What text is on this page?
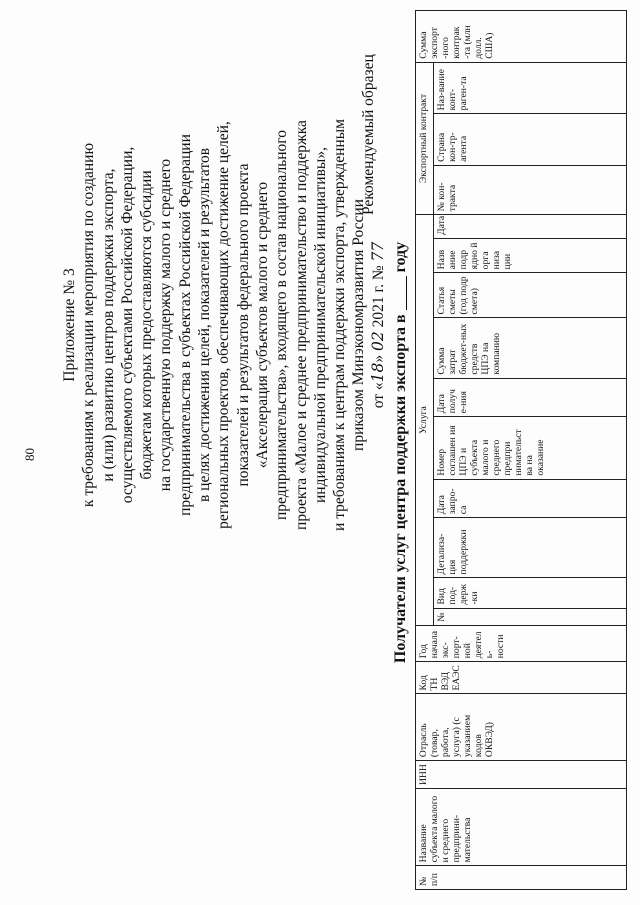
80
Приложение № 3 к требованиям к реализации мероприятия по созданию и (или) развитию центров поддержки экспорта, осуществляемого субъектами Российской Федерации, бюджетам которых предоставляются субсидии на государственную поддержку малого и среднего предпринимательства в субъектах Российской Федерации в целях достижения целей, показателей и результатов региональных проектов, обеспечивающих достижение целей, показателей и результатов федерального проекта «Акселерация субъектов малого и среднего предпринимательства», входящего в состав национального проекта «Малое и среднее предпринимательство и поддержка индивидуальной предпринимательской инициативы», и требованиям к центрам поддержки экспорта, утвержденным приказом Минэкономразвития России от «18» 02 2021 г. № 77
Рекомендуемый образец
Получатели услуг центра поддержки экспорта в  году
№ п/п	Название субъекта малого и среднего предприни-мательства	ИНН	Отрасль (товар, работа, услуга) (с указанием кодов ОКВЭД)	Код ТН ВЭД ЕАЭС	Год начала экс-порт-ной деятел ь-ности	Услуга										Экспортный контракт			Сумма экспорт -ного контрак -та (млн долл. США)
						№	Вид под-держ -ки	Детализа-ция поддержки	Дата запро-са	Номер соглашен ия ЦПЭ и субъекта малого и среднего предпри нимательст ва на оказание	Дата получ е-ния	Сумма затрат бюджет-ных средств ЦПЭ на компанию	Статья сметы (год подр смета)	Назв ание подр ядно й орга низа ции	Дата	№ кон-тракта	Страна кон-тр-агента	Наз-вание конт-раген-та	
